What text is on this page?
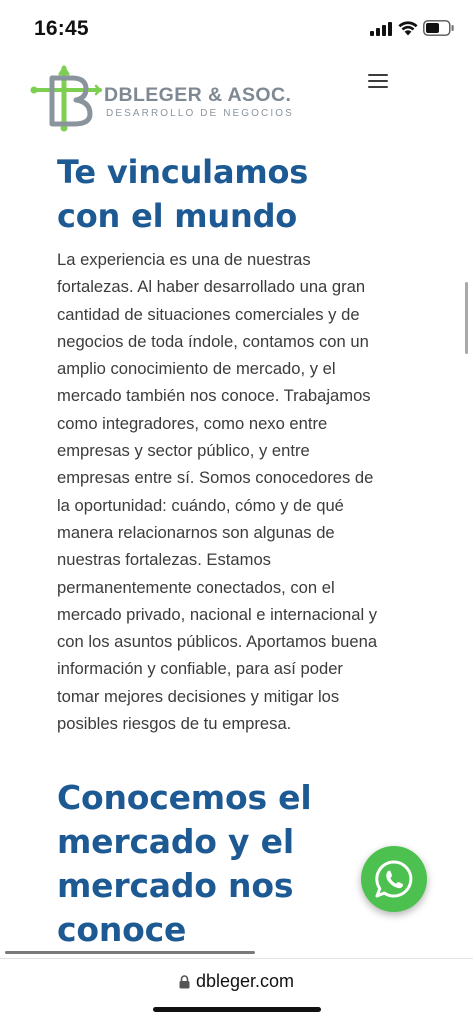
16:45
DBLEGER & ASOC.
DESARROLLO DE NEGOCIOS
Te vinculamos
con el mundo

La experiencia es una de nuestras fortalezas. Al haber desarrollado una gran cantidad de situaciones comerciales y de negocios de toda índole, contamos con un amplio conocimiento de mercado, y el mercado también nos conoce. Trabajamos como integradores, como nexo entre empresas y sector público, y entre empresas entre sí. Somos conocedores de la oportunidad: cuándo, cómo y de qué manera relacionarnos son algunas de nuestras fortalezas. Estamos permanentemente conectados, con el mercado privado, nacional e internacional y con los asuntos públicos. Aportamos buena información y confiable, para así poder tomar mejores decisiones y mitigar los posibles riesgos de tu empresa.

Conocemos el
mercado y el
mercado nos
conoce
dbleger.com
